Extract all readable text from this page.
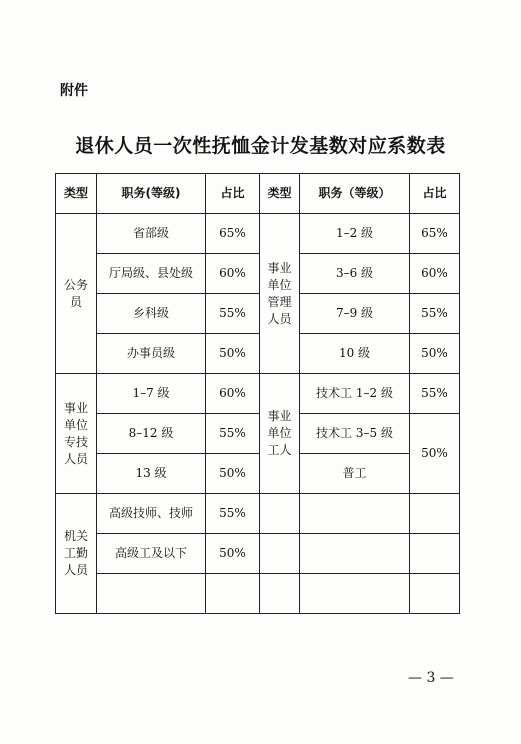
附件
退休人员一次性抚恤金计发基数对应系数表
类型	职务(等级)	占比	类型	职务（等级）	占比
公务员	省部级	65%	事业单位管理人员	1–2 级	65%
	厅局级、县处级	60%		3–6 级	60%
	乡科级	55%		7–9 级	55%
	办事员级	50%		10 级	50%
事业单位专技人员	1–7 级	60%	事业单位工人	技术工 1–2 级	55%
	8–12 级	55%		技术工 3–5 级	50%
	13 级	50%		普工	
机关工勤人员	高级技师、技师	55%			
	高级工及以下	50%			

— 3 —
